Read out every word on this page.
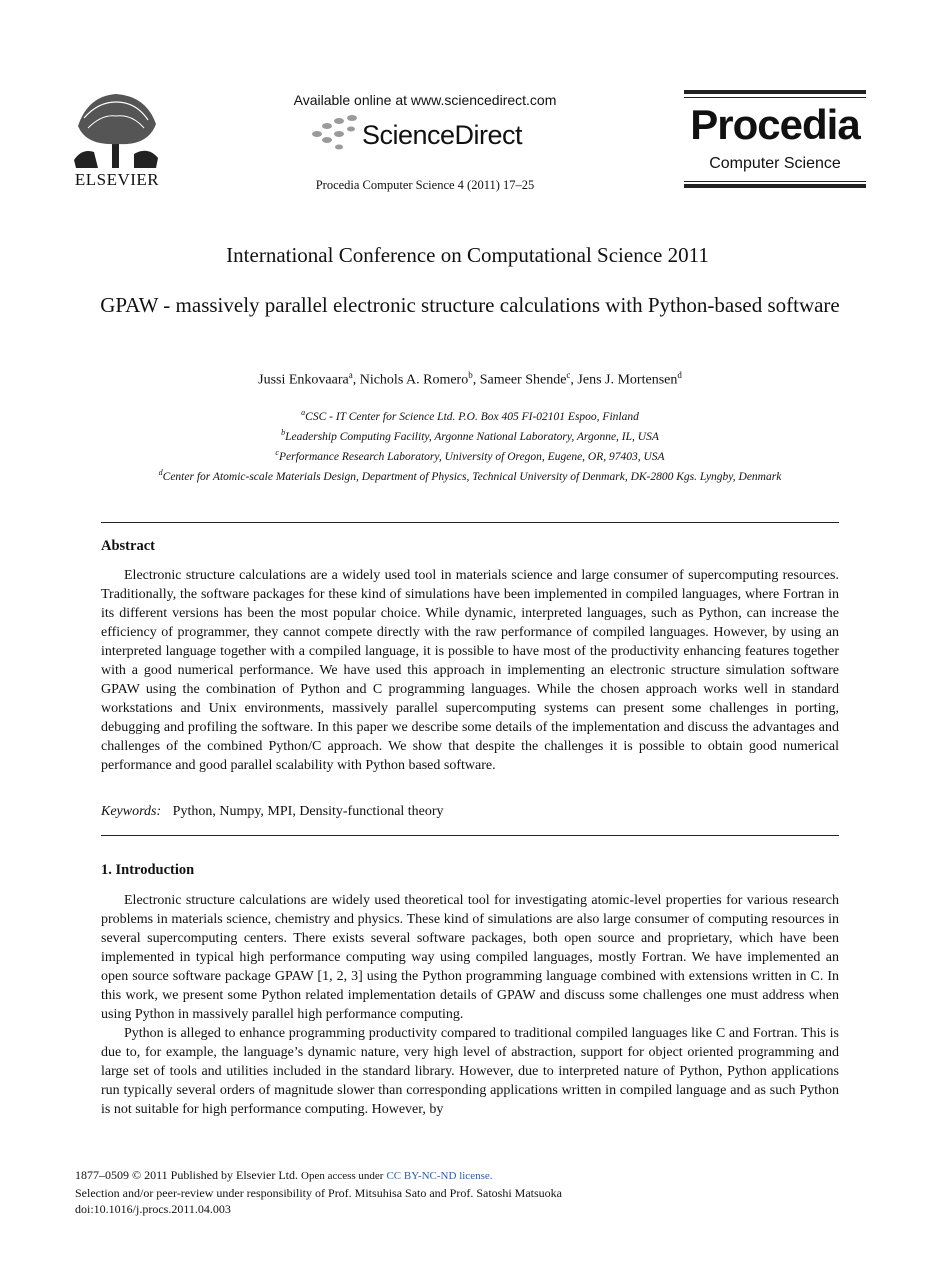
ELSEVIER
Available online at www.sciencedirect.com
ScienceDirect
Procedia Computer Science 4 (2011) 17–25
Procedia
Computer Science
International Conference on Computational Science 2011
GPAW - massively parallel electronic structure calculations with Python-based software
Jussi Enkovaara$^a$, Nichols A. Romero$^b$, Sameer Shende$^c$, Jens J. Mortensen$^d$
$^a$CSC - IT Center for Science Ltd. P.O. Box 405 FI-02101 Espoo, Finland
$^b$Leadership Computing Facility, Argonne National Laboratory, Argonne, IL, USA
$^c$Performance Research Laboratory, University of Oregon, Eugene, OR, 97403, USA
$^d$Center for Atomic-scale Materials Design, Department of Physics, Technical University of Denmark, DK-2800 Kgs. Lyngby, Denmark
Abstract

Electronic structure calculations are a widely used tool in materials science and large consumer of supercomputing resources. Traditionally, the software packages for these kind of simulations have been implemented in compiled languages, where Fortran in its different versions has been the most popular choice. While dynamic, interpreted languages, such as Python, can increase the efficiency of programmer, they cannot compete directly with the raw performance of compiled languages. However, by using an interpreted language together with a compiled language, it is possible to have most of the productivity enhancing features together with a good numerical performance. We have used this approach in implementing an electronic structure simulation software GPAW using the combination of Python and C programming languages. While the chosen approach works well in standard workstations and Unix environments, massively parallel supercomputing systems can present some challenges in porting, debugging and profiling the software. In this paper we describe some details of the implementation and discuss the advantages and challenges of the combined Python/C approach. We show that despite the challenges it is possible to obtain good numerical performance and good parallel scalability with Python based software.

Keywords: Python, Numpy, MPI, Density-functional theory
1. Introduction

Electronic structure calculations are widely used theoretical tool for investigating atomic-level properties for various research problems in materials science, chemistry and physics. These kind of simulations are also large consumer of computing resources in several supercomputing centers. There exists several software packages, both open source and proprietary, which have been implemented in typical high performance computing way using compiled languages, mostly Fortran. We have implemented an open source software package GPAW [1, 2, 3] using the Python programming language combined with extensions written in C. In this work, we present some Python related implementation details of GPAW and discuss some challenges one must address when using Python in massively parallel high performance computing.

Python is alleged to enhance programming productivity compared to traditional compiled languages like C and Fortran. This is due to, for example, the language’s dynamic nature, very high level of abstraction, support for object oriented programming and large set of tools and utilities included in the standard library. However, due to interpreted nature of Python, Python applications run typically several orders of magnitude slower than corresponding applications written in compiled language and as such Python is not suitable for high performance computing. However, by

1877–0509 © 2011 Published by Elsevier Ltd. Open access under CC BY-NC-ND license.
Selection and/or peer-review under responsibility of Prof. Mitsuhisa Sato and Prof. Satoshi Matsuoka
doi:10.1016/j.procs.2011.04.003
